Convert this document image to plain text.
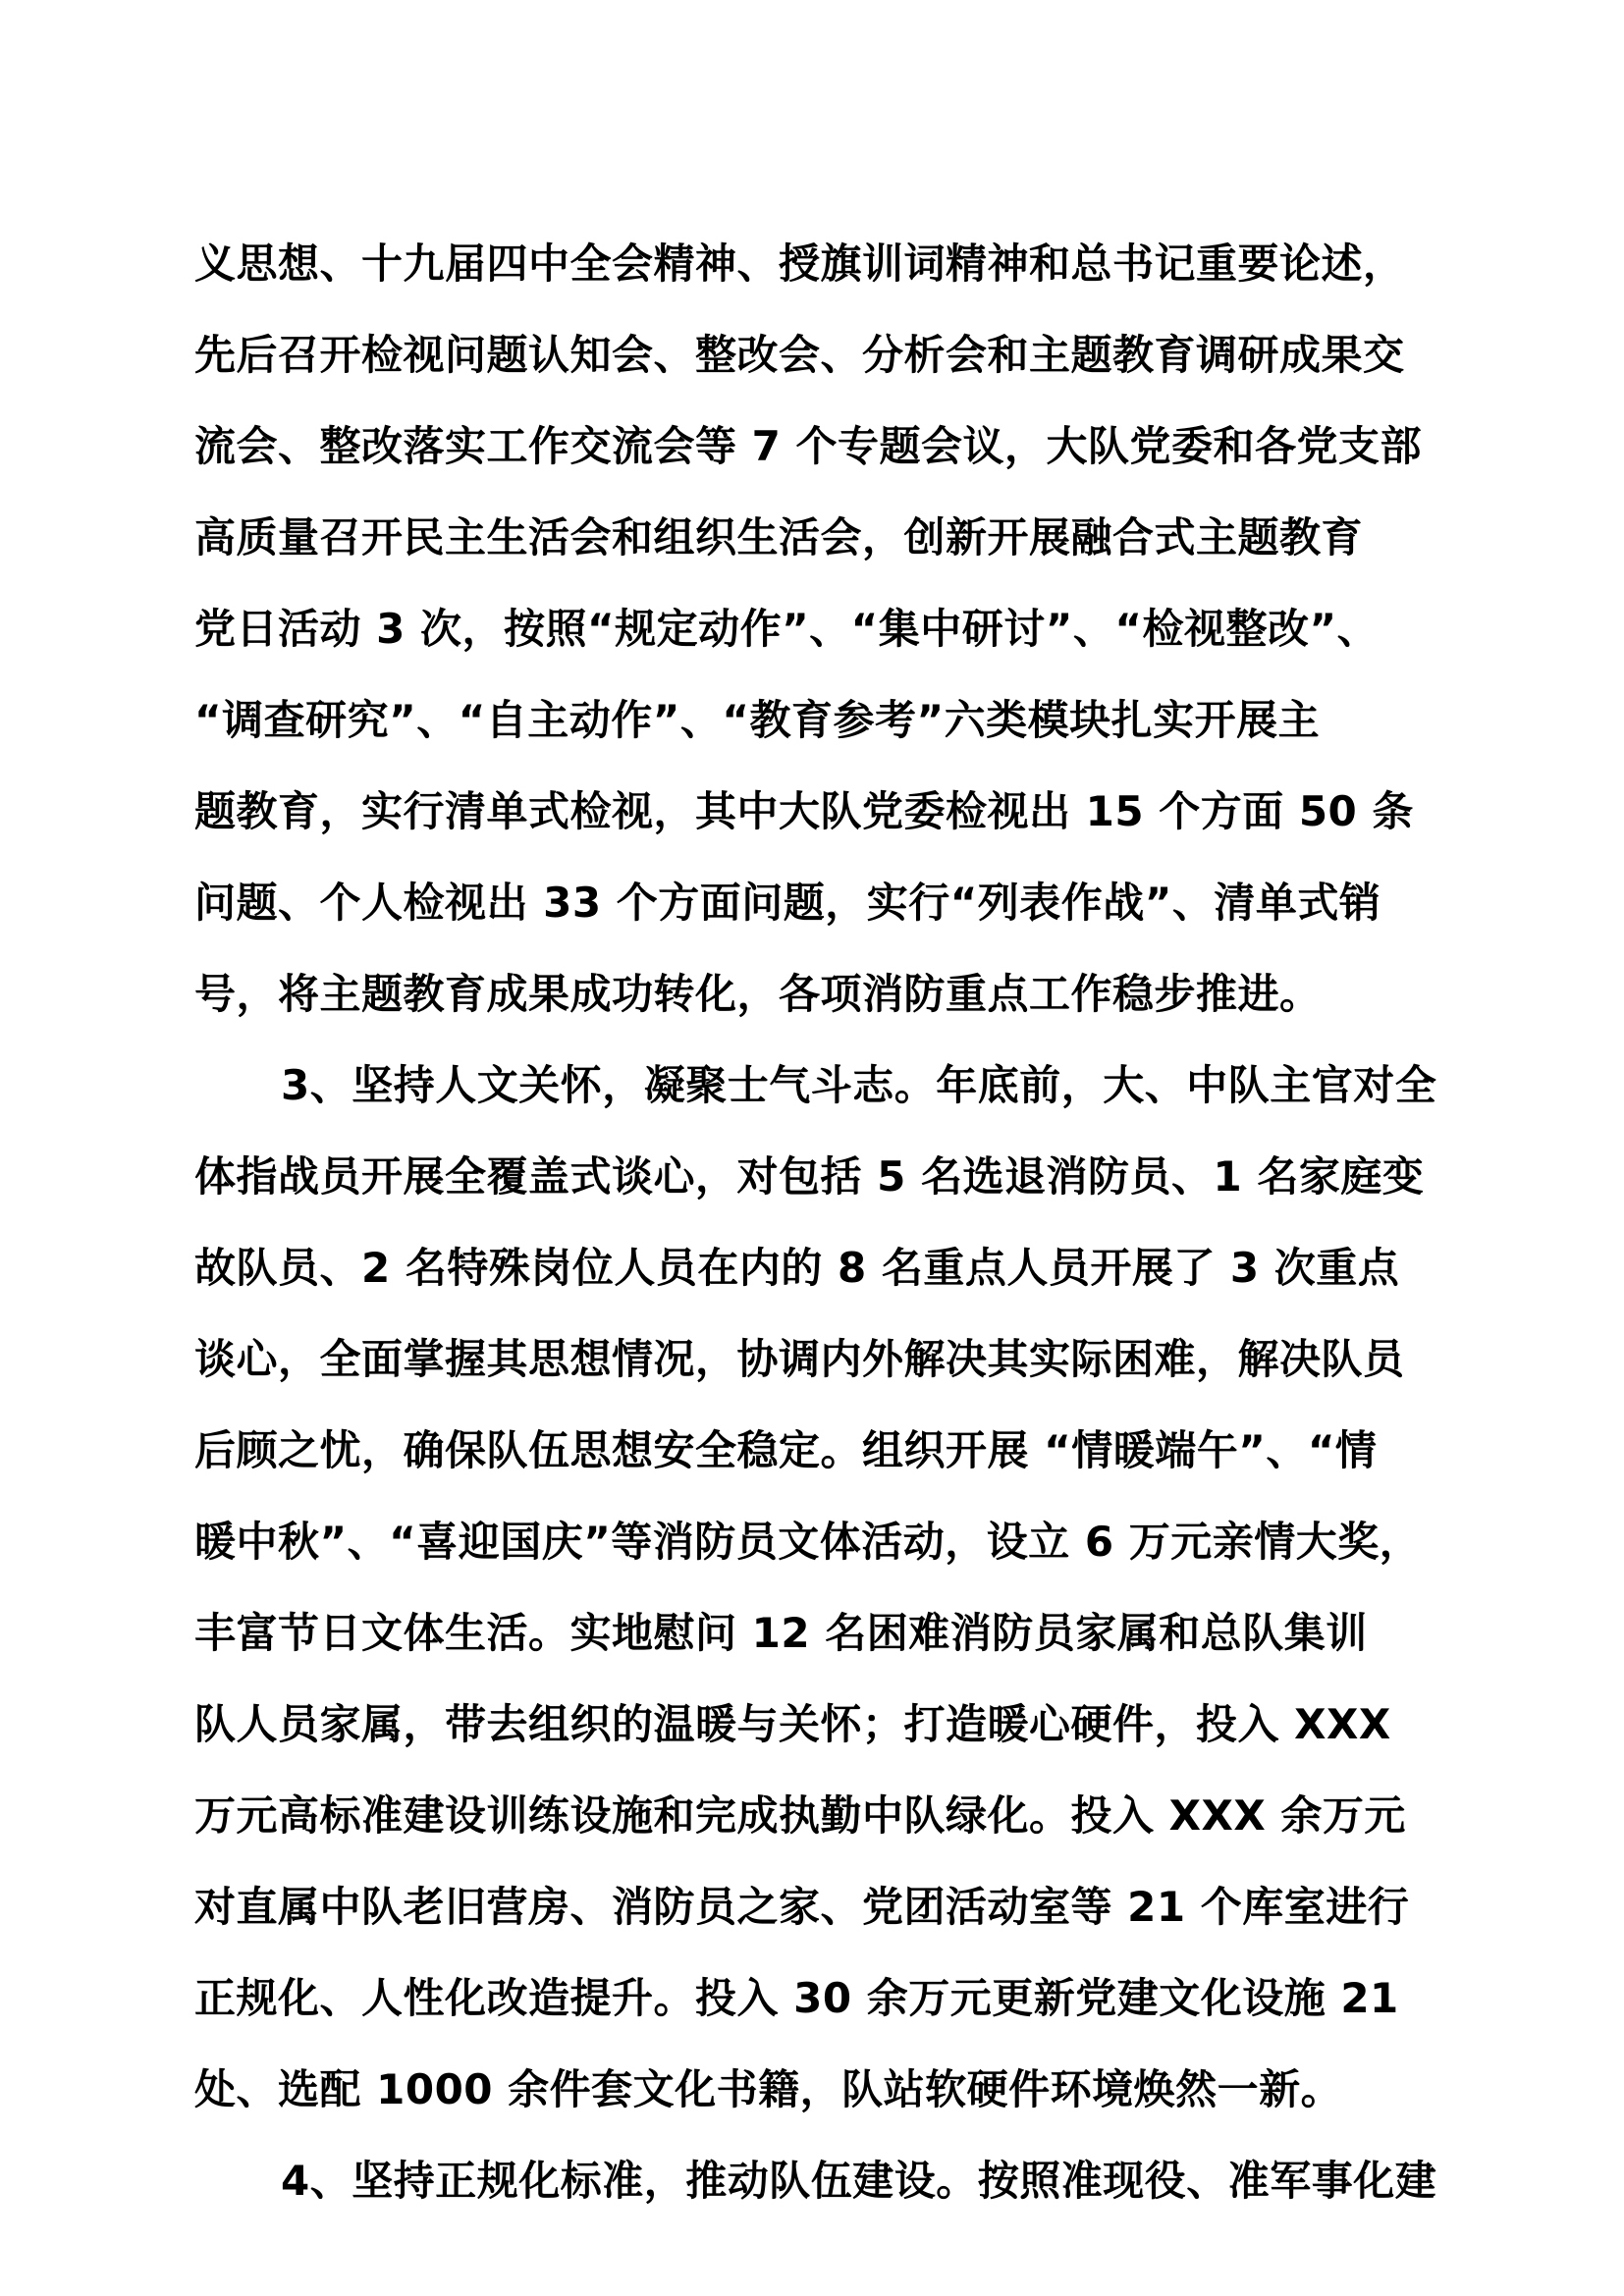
义思想、十九届四中全会精神、授旗训词精神和总书记重要论述，
先后召开检视问题认知会、整改会、分析会和主题教育调研成果交
流会、整改落实工作交流会等 7 个专题会议，大队党委和各党支部
高质量召开民主生活会和组织生活会，创新开展融合式主题教育
党日活动 3 次，按照“规定动作”、“集中研讨”、“检视整改”、
“调查研究”、“自主动作”、“教育参考”六类模块扎实开展主
题教育，实行清单式检视，其中大队党委检视出 15 个方面 50 条
问题、个人检视出 33 个方面问题，实行“列表作战”、清单式销
号，将主题教育成果成功转化，各项消防重点工作稳步推进。
3、坚持人文关怀，凝聚士气斗志。年底前，大、中队主官对全
体指战员开展全覆盖式谈心，对包括 5 名选退消防员、1 名家庭变
故队员、2 名特殊岗位人员在内的 8 名重点人员开展了 3 次重点
谈心，全面掌握其思想情况，协调内外解决其实际困难，解决队员
后顾之忧，确保队伍思想安全稳定。组织开展 “情暖端午”、“情
暖中秋”、“喜迎国庆”等消防员文体活动，设立 6 万元亲情大奖，
丰富节日文体生活。实地慰问 12 名困难消防员家属和总队集训
队人员家属，带去组织的温暖与关怀；打造暖心硬件，投入 XXX
万元高标准建设训练设施和完成执勤中队绿化。投入 XXX 余万元
对直属中队老旧营房、消防员之家、党团活动室等 21 个库室进行
正规化、人性化改造提升。投入 30 余万元更新党建文化设施 21
处、选配 1000 余件套文化书籍，队站软硬件环境焕然一新。
4、坚持正规化标准，推动队伍建设。按照准现役、准军事化建
